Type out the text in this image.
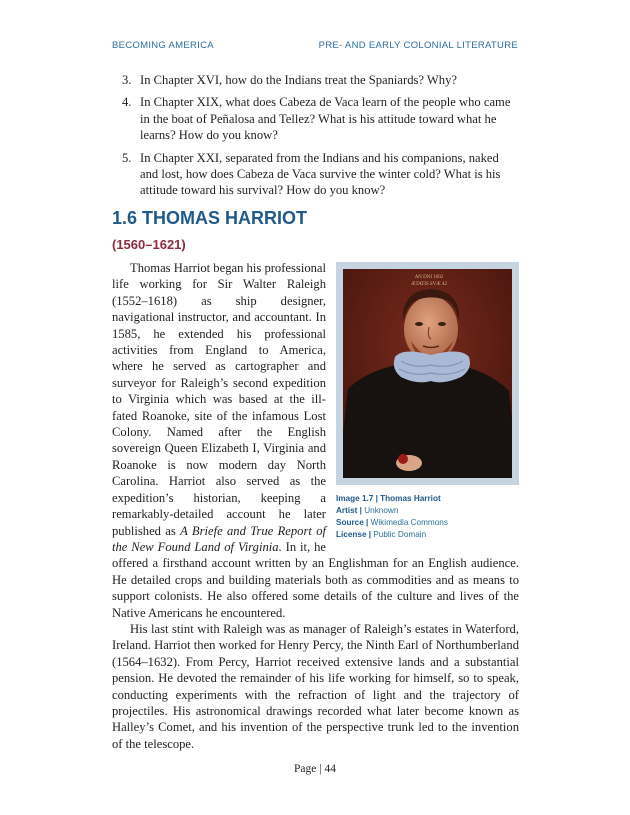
BECOMING AMERICA	PRE- AND EARLY COLONIAL LITERATURE
3. In Chapter XVI, how do the Indians treat the Spaniards? Why?
4. In Chapter XIX, what does Cabeza de Vaca learn of the people who came in the boat of Peñalosa and Tellez? What is his attitude toward what he learns? How do you know?
5. In Chapter XXI, separated from the Indians and his companions, naked and lost, how does Cabeza de Vaca survive the winter cold? What is his attitude toward his survival? How do you know?
1.6 THOMAS HARRIOT
(1560–1621)
AN DNI 1602
ÆTATIS SVÆ 42
Image 1.7 | Thomas Harriot
Artist | Unknown
Source | Wikimedia Commons
License | Public Domain

Thomas Harriot began his professional life working for Sir Walter Raleigh (1552–1618) as ship designer, navigational instructor, and accountant. In 1585, he extended his professional activities from England to America, where he served as cartographer and surveyor for Raleigh’s second expedition to Virginia which was based at the ill-fated Roanoke, site of the infamous Lost Colony. Named after the English sovereign Queen Elizabeth I, Virginia and Roanoke is now modern day North Carolina. Harriot also served as the expedition’s historian, keeping a remarkably-detailed account he later published as A Briefe and True Report of the New Found Land of Virginia. In it, he offered a firsthand account written by an Englishman for an English audience. He detailed crops and building materials both as commodities and as means to support colonists. He also offered some details of the culture and lives of the Native Americans he encountered.

His last stint with Raleigh was as manager of Raleigh’s estates in Waterford, Ireland. Harriot then worked for Henry Percy, the Ninth Earl of Northumberland (1564–1632). From Percy, Harriot received extensive lands and a substantial pension. He devoted the remainder of his life working for himself, so to speak, conducting experiments with the refraction of light and the trajectory of projectiles. His astronomical drawings recorded what later become known as Halley’s Comet, and his invention of the perspective trunk led to the invention of the telescope.

Page | 44
